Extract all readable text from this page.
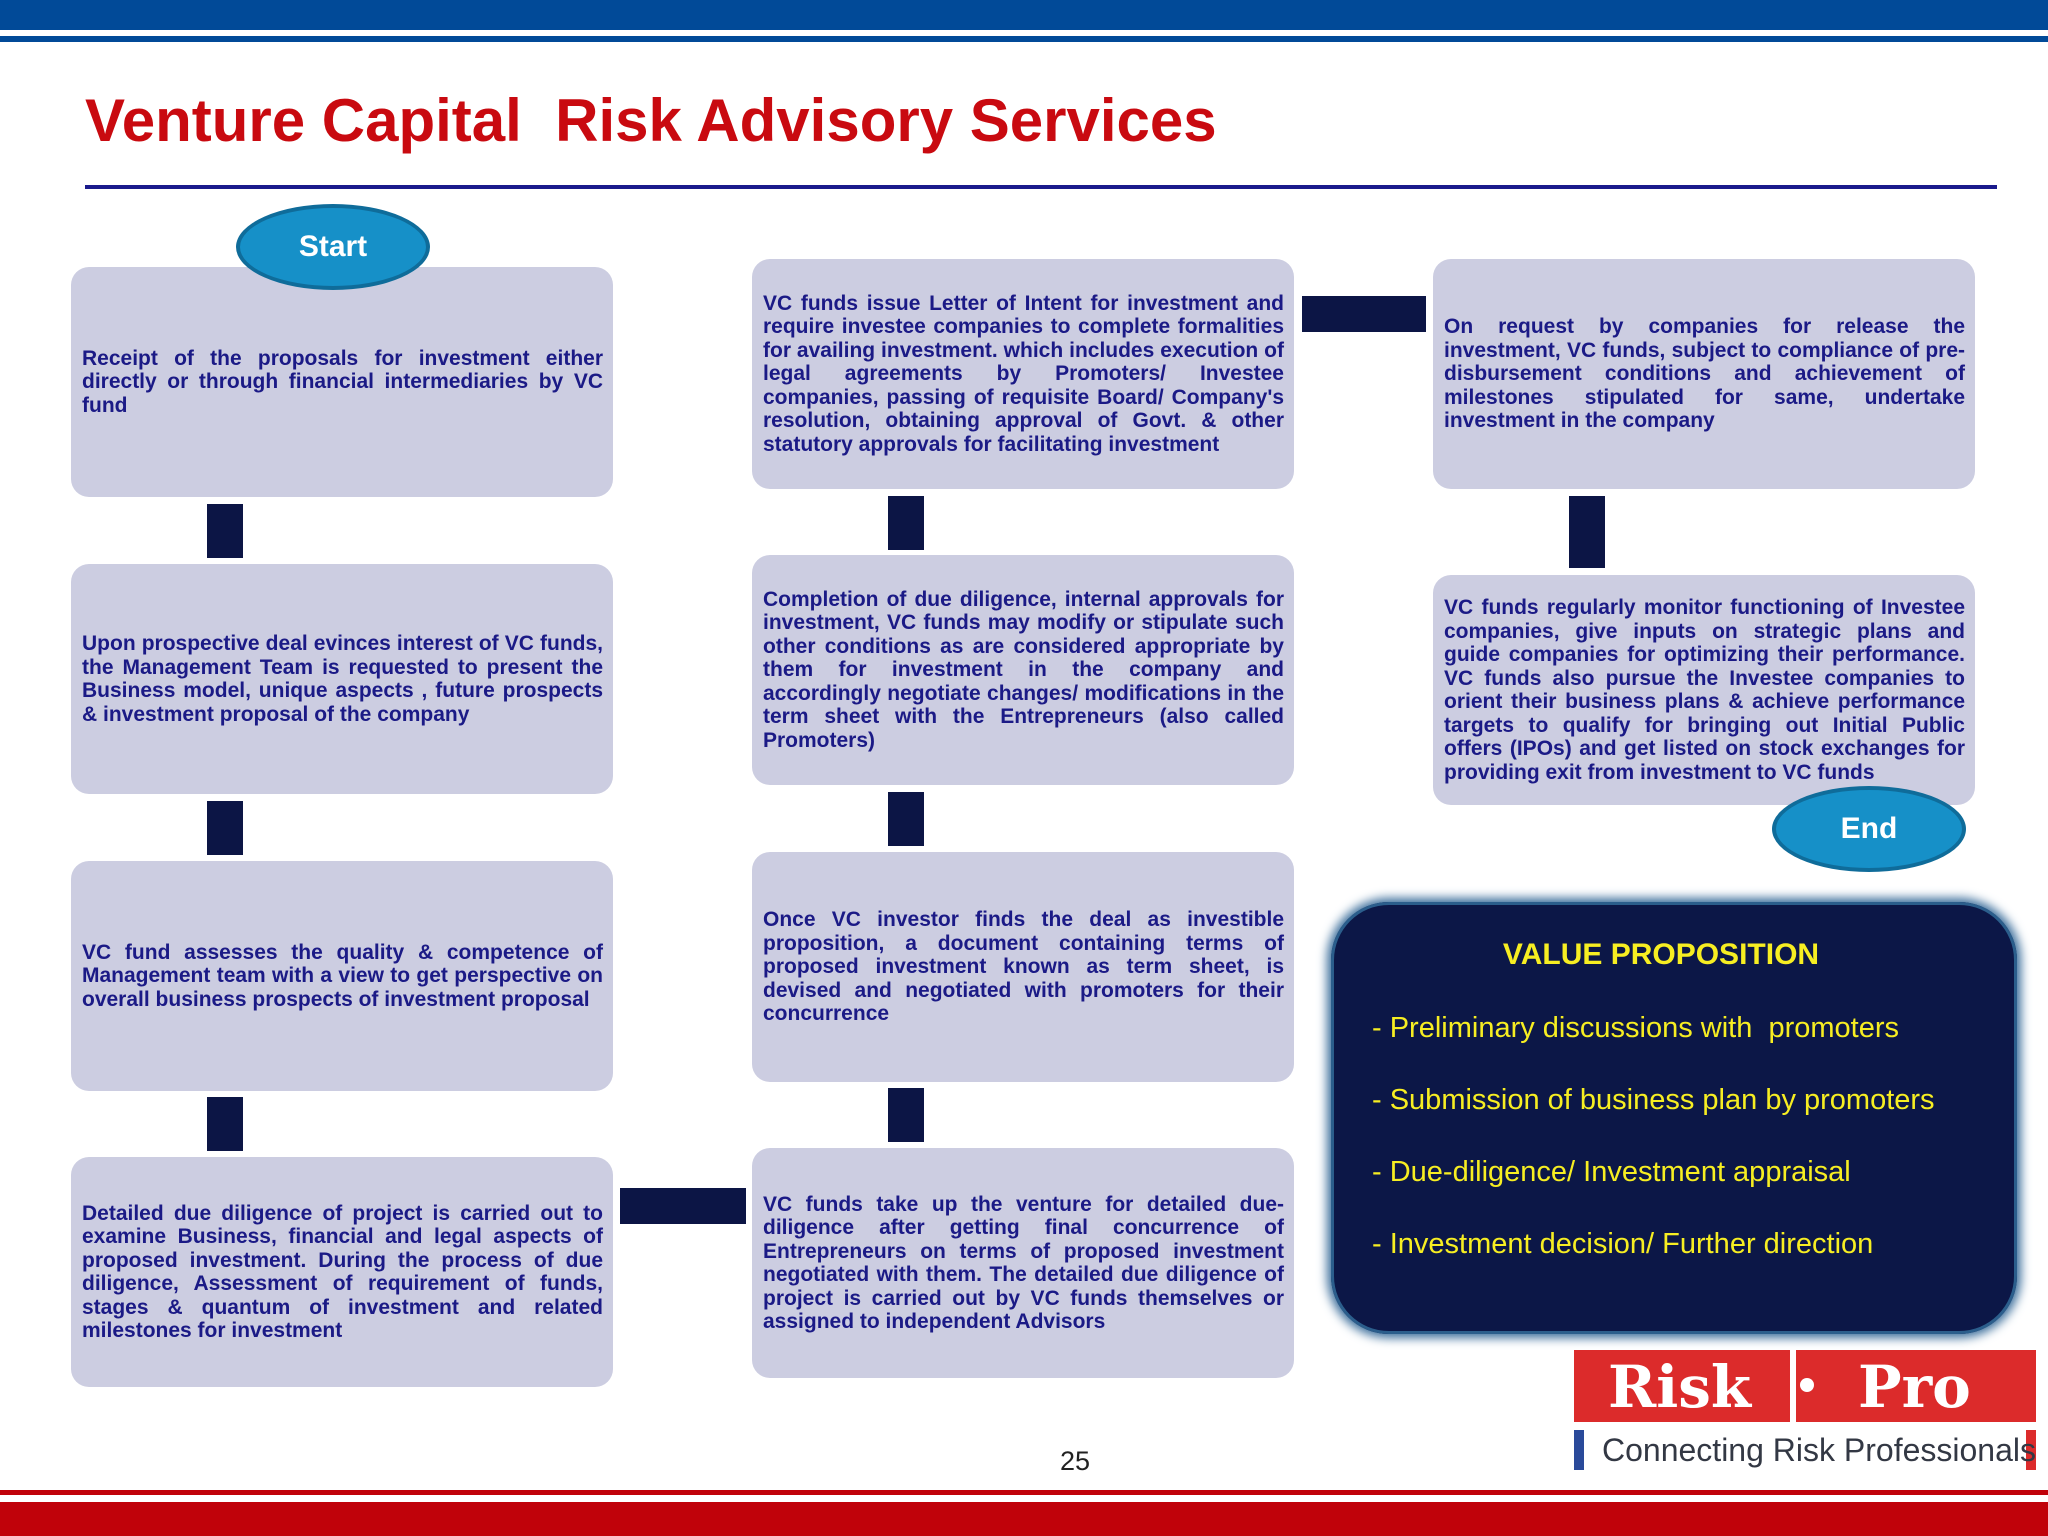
Venture Capital  Risk Advisory Services

Receipt of the proposals for investment either directly or through financial intermediaries by VC fund

Upon prospective deal evinces interest of VC funds, the Management Team is requested to present the Business model, unique aspects , future prospects & investment proposal of the company

VC fund assesses the quality & competence of Management team with a view to get perspective on overall business prospects of investment proposal

Detailed due diligence of project is carried out to examine Business, financial and legal aspects of proposed investment. During the process of due diligence, Assessment of requirement of funds, stages & quantum of investment and related milestones for investment

VC funds take up the venture for detailed due-diligence after getting final concurrence of Entrepreneurs on terms of proposed investment negotiated with them. The detailed due diligence of project is carried out by VC funds themselves or assigned to independent Advisors

Once VC investor finds the deal as investible proposition, a document containing terms of proposed investment known as term sheet, is devised and negotiated with promoters for their concurrence

Completion of due diligence, internal approvals for investment, VC funds may modify or stipulate such other conditions as are considered appropriate by them for investment in the company and accordingly negotiate changes/ modifications in the term sheet with the Entrepreneurs (also called Promoters)

VC funds issue Letter of Intent for investment and require investee companies to complete formalities for availing investment. which includes execution of legal agreements by Promoters/ Investee companies, passing of requisite Board/ Company's resolution, obtaining approval of Govt. & other statutory approvals for facilitating investment

On request by companies for release the investment, VC funds, subject to compliance of pre-disbursement conditions and achievement of milestones stipulated for same, undertake investment in the company

VC funds regularly monitor functioning of Investee companies, give inputs on strategic plans and guide companies for optimizing their performance. VC funds also pursue the Investee companies to orient their business plans & achieve performance targets to qualify for bringing out Initial Public offers (IPOs) and get listed on stock exchanges for providing exit from investment to VC funds

Start
End
VALUE PROPOSITION
- Preliminary discussions with  promoters
- Submission of business plan by promoters
- Due-diligence/ Investment appraisal
- Investment decision/ Further direction
Risk Pro
Connecting Risk Professionals
25
